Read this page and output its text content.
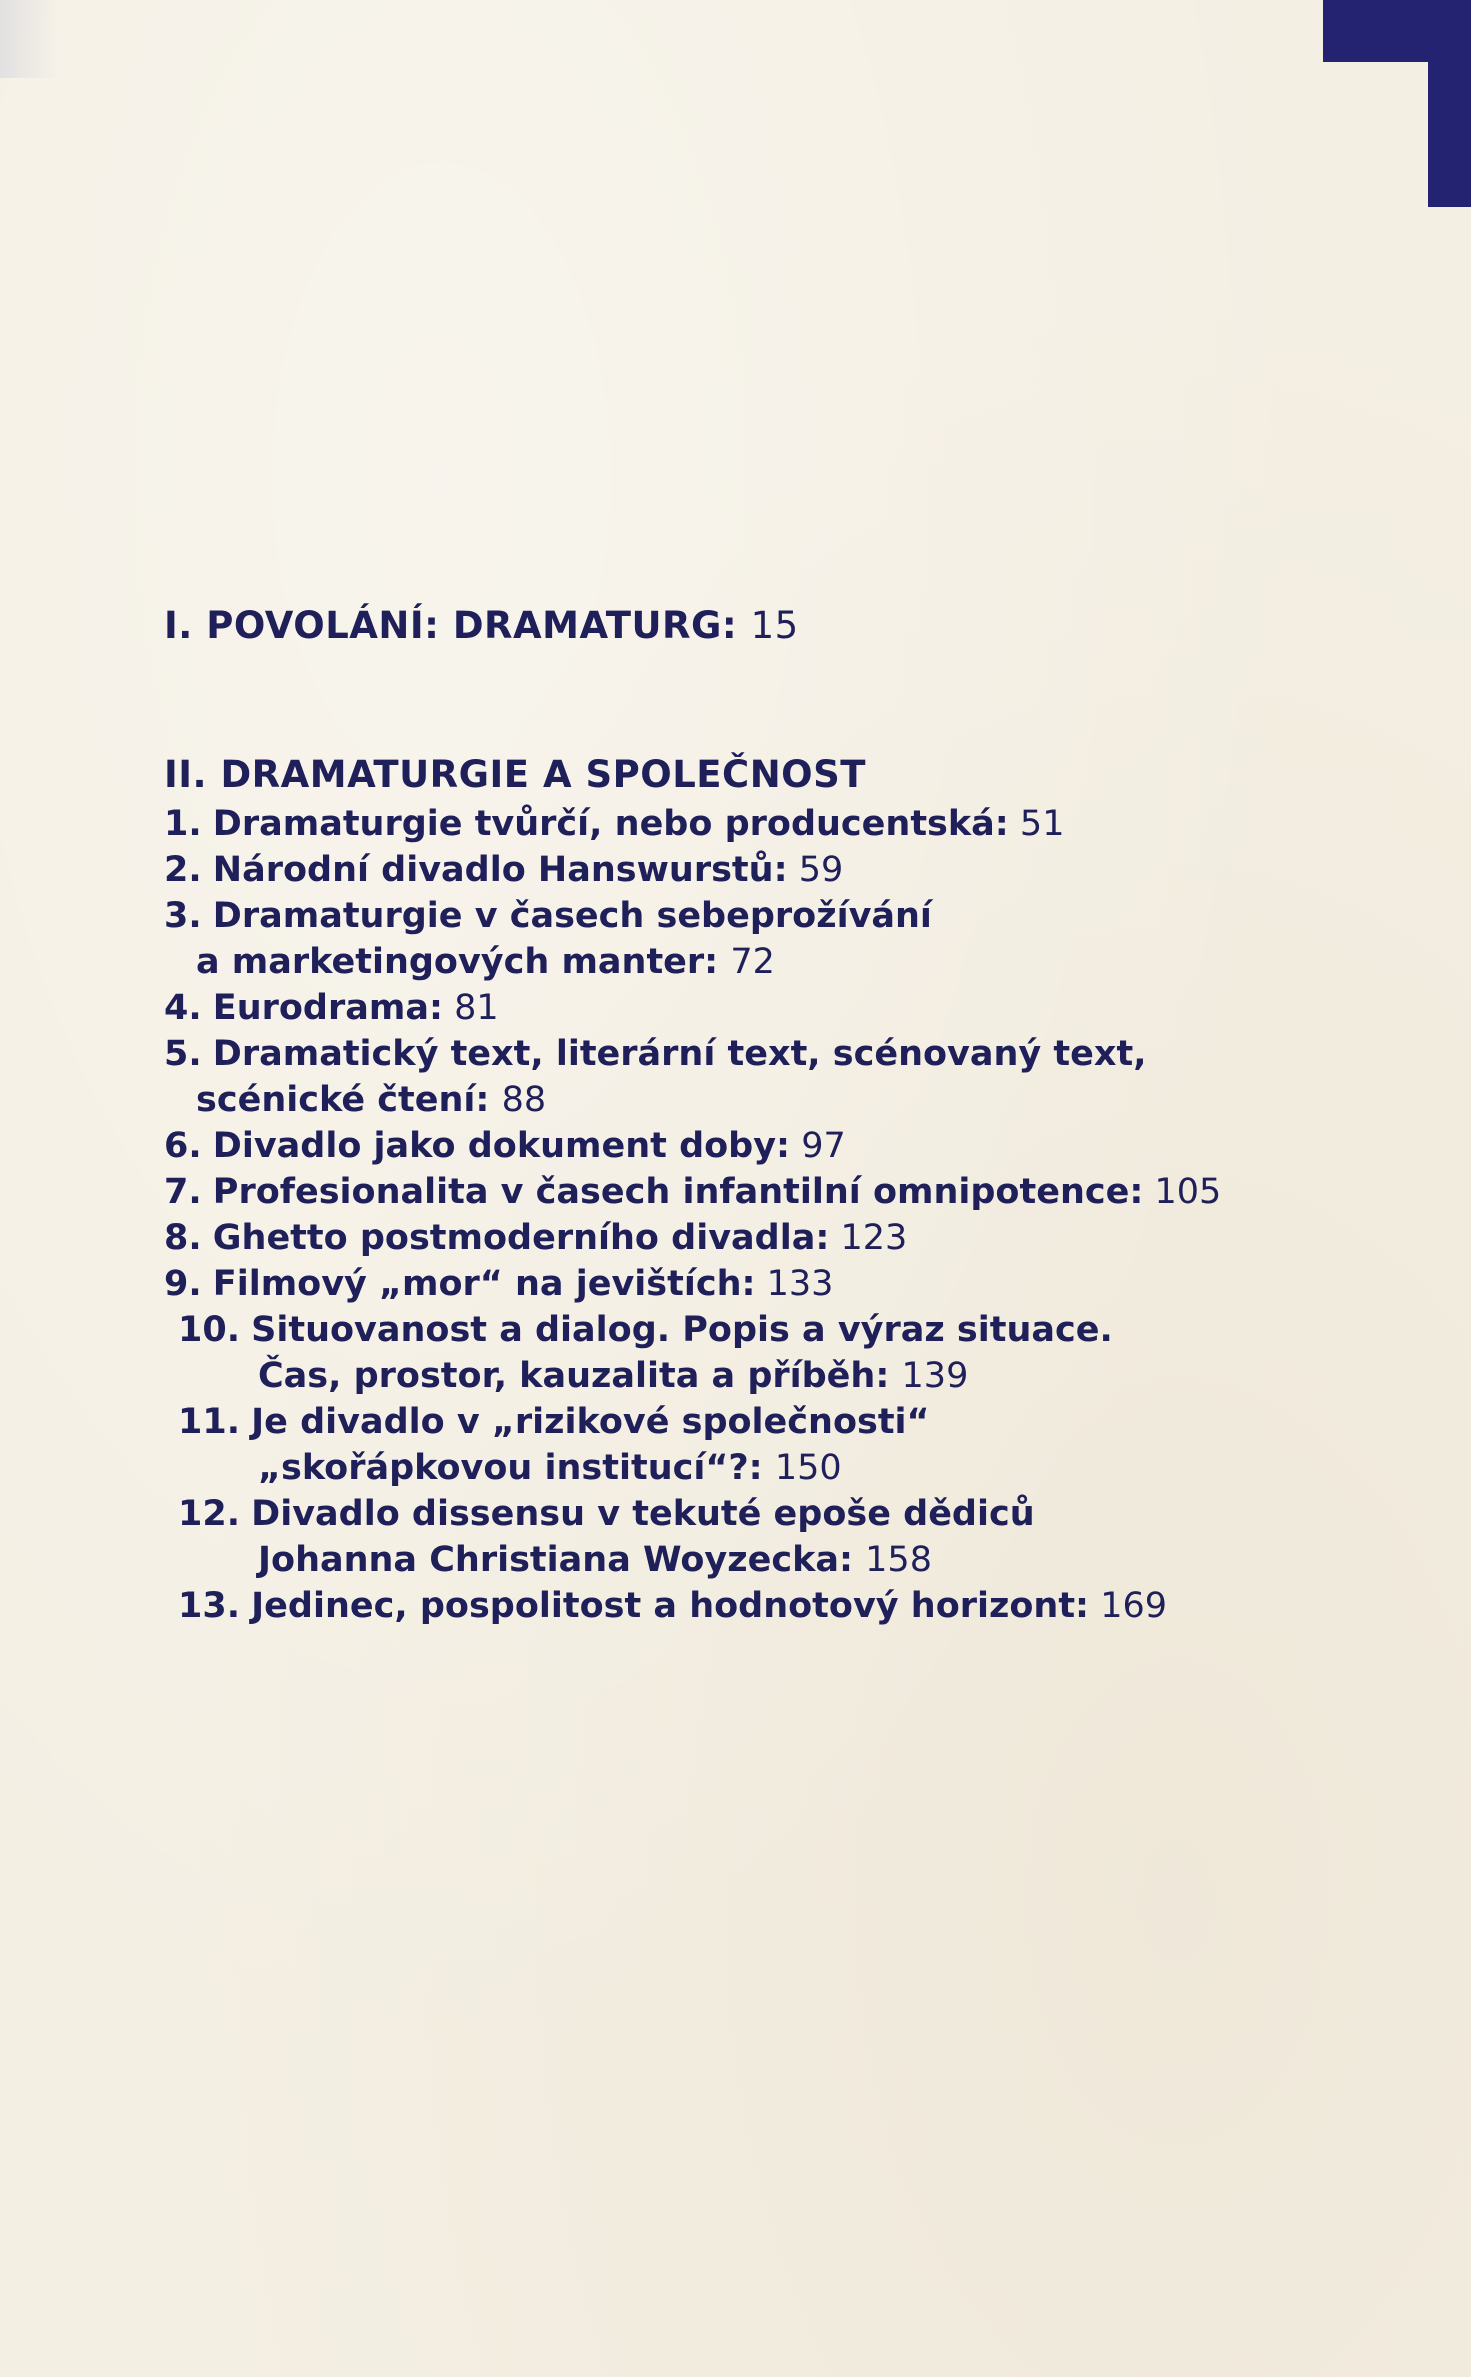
I. POVOLÁNÍ: DRAMATURG: 15
II. DRAMATURGIE A SPOLEČNOST
1. Dramaturgie tvůrčí, nebo producentská: 51
2. Národní divadlo Hanswurstů: 59
3. Dramaturgie v časech sebeprožívání
a marketingových manter: 72
4. Eurodrama: 81
5. Dramatický text, literární text, scénovaný text,
scénické čtení: 88
6. Divadlo jako dokument doby: 97
7. Profesionalita v časech infantilní omnipotence: 105
8. Ghetto postmoderního divadla: 123
9. Filmový „mor“ na jevištích: 133
10. Situovanost a dialog. Popis a výraz situace.
Čas, prostor, kauzalita a příběh: 139
11. Je divadlo v „rizikové společnosti“
„skořápkovou institucí“?: 150
12. Divadlo dissensu v tekuté epoše dědiců
Johanna Christiana Woyzecka: 158
13. Jedinec, pospolitost a hodnotový horizont: 169
